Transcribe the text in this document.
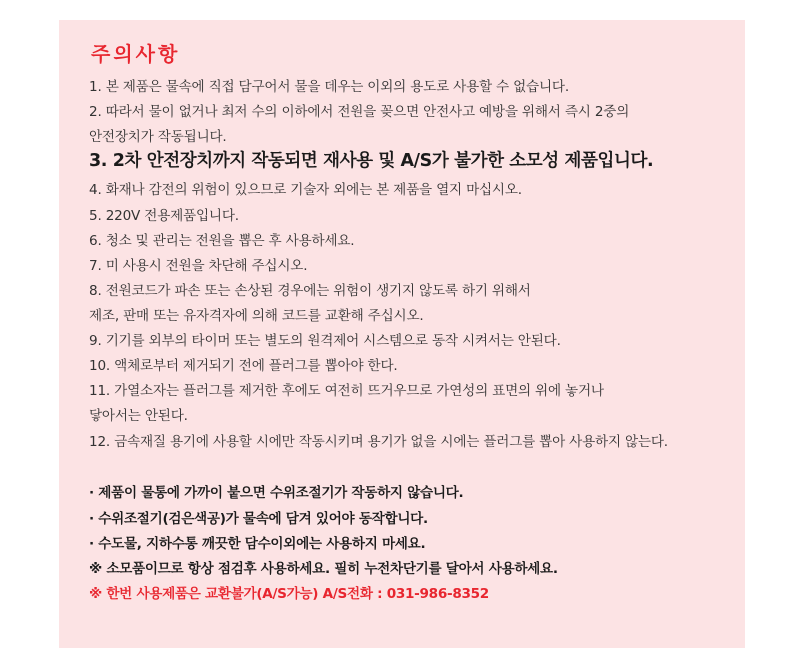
주의사항
1. 본 제품은 물속에 직접 담구어서 물을 데우는 이외의 용도로 사용할 수 없습니다.
2. 따라서 물이 없거나 최저 수의 이하에서 전원을 꽂으면 안전사고 예방을 위해서 즉시 2중의
안전장치가 작동됩니다.
3. 2차 안전장치까지 작동되면 재사용 및 A/S가 불가한 소모성 제품입니다.
4. 화재나 감전의 위험이 있으므로 기술자 외에는 본 제품을 열지 마십시오.
5. 220V 전용제품입니다.
6. 청소 및 관리는 전원을 뽑은 후 사용하세요.
7. 미 사용시 전원을 차단해 주십시오.
8. 전원코드가 파손 또는 손상된 경우에는 위험이 생기지 않도록 하기 위해서
제조, 판매 또는 유자격자에 의해 코드를 교환해 주십시오.
9. 기기를 외부의 타이머 또는 별도의 원격제어 시스템으로 동작 시켜서는 안된다.
10. 액체로부터 제거되기 전에 플러그를 뽑아야 한다.
11. 가열소자는 플러그를 제거한 후에도 여전히 뜨거우므로 가연성의 표면의 위에 놓거나
닿아서는 안된다.
12. 금속재질 용기에 사용할 시에만 작동시키며 용기가 없을 시에는 플러그를 뽑아 사용하지 않는다.
· 제품이 물통에 가까이 붙으면 수위조절기가 작동하지 않습니다.
· 수위조절기(검은색공)가 물속에 담겨 있어야 동작합니다.
· 수도물, 지하수통 깨끗한 담수이외에는 사용하지 마세요.
※ 소모품이므로 항상 점검후 사용하세요. 필히 누전차단기를 달아서 사용하세요.
※ 한번 사용제품은 교환불가(A/S가능) A/S전화 : 031-986-8352
